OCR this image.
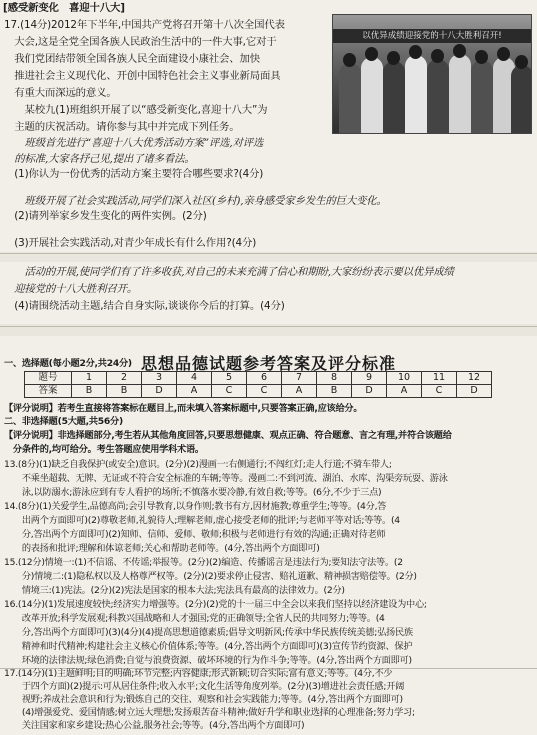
[感受新变化　喜迎十八大]
17.(14分)2012年下半年,中国共产党将召开第十八次全国代表
　大会,这是全党全国各族人民政治生活中的一件大事,它对于
　我们党团结带领全国各族人民全面建设小康社会、加快
　推进社会主义现代化、开创中国特色社会主义事业新局面具
　有重大而深远的意义。
　　某校九(1)班组织开展了以“感受新变化,喜迎十八大”为
　主题的庆祝活动。请你参与其中并完成下列任务。
　　班级首先进行“喜迎十八大优秀活动方案”评选,对评选
　的标准,大家各抒己见,提出了诸多看法。
　(1)你认为一份优秀的活动方案主要符合哪些要求?(4分)
　　班级开展了社会实践活动,同学们深入社区(乡村),亲身感受家乡发生的巨大变化。
　(2)请列举家乡发生变化的两件实例。(2分)
　(3)开展社会实践活动,对青少年成长有什么作用?(4分)
以优异成绩迎接党的十八大胜利召开!
　　活动的开展,使同学们有了许多收获,对自己的未来充满了信心和期盼,大家纷纷表示要以优异成绩
　迎接党的十八大胜利召开。
　(4)请围绕活动主题,结合自身实际,谈谈你今后的打算。(4分)
思想品德试题参考答案及评分标准
一、选择题(每小题2分,共24分)
题号	1	2	3	4	5	6	7	8	9	10	11	12
答案	B	B	D	A	C	C	A	B	D	A	C	D
【评分说明】若考生直接将答案标在题目上,而未填入答案标题中,只要答案正确,应该给分。
二、非选择题(5大题,共56分)
【评分说明】非选择题部分,考生若从其他角度回答,只要思想健康、观点正确、符合题意、言之有理,并符合该题给
　分条件的,均可给分。考生答题应使用学科术语。
13.(8分)(1)缺乏自我保护(或安全)意识。(2分)(2)漫画一:右侧通行;不闯红灯;走人行道;不骑车带人;
　　不乘坐超载、无牌、无证或不符合安全标准的车辆;等等。漫画二:不到河流、湖泊、水库、沟渠旁玩耍、游泳
　　泳,以防溺水;游泳应到有专人看护的场所;不慎落水要冷静,有效自救;等等。(6分,不少于三点)
14.(8分)(1)关爱学生,品德高尚;会引导教育,以身作则;教书有方,因材施教;尊重学生;等等。(4分,答
　　出两个方面即可)(2)尊敬老师,礼貌待人;理解老师,虚心接受老师的批评;与老师平等对话;等等。(4
　　分,答出两个方面即可)(2)知师、信师、爱师、敬师;积极与老师进行有效的沟通;正确对待老师
　　的表扬和批评;理解和体谅老师;关心和帮助老师等。(4分,答出两个方面即可)
15.(12分)情境一:(1)不信谣、不传谣;举报等。(2分)(2)编造、传播谣言是违法行为;要知法守法等。(2
　　分)情境二:(1)隐私权以及人格尊严权等。(2分)(2)要求停止侵害、赔礼道歉、精神损害赔偿等。(2分)
　　情境三:(1)宪法。(2分)(2)宪法是国家的根本大法;宪法具有最高的法律效力。(2分)
16.(14分)(1)发展速度较快;经济实力增强等。(2分)(2)党的十一届三中全会以来我们坚持以经济建设为中心;
　　改革开放;科学发展观;科教兴国战略和人才强国;党的正确领导;全省人民的共同努力;等等。(4
　　分,答出两个方面即可)(3)(4分)(4)提高思想道德素质;倡导文明新风;传承中华民族传统美德;弘扬民族
　　精神和时代精神;构建社会主义核心价值体系;等等。(4分,答出两个方面即可)(3)宣传节约资源、保护
　　环境的法律法规;绿色消费;自觉与浪费资源、破坏环境的行为作斗争;等等。(4分,答出两个方面即可)
17.(14分)(1)主题鲜明;目的明确;环节完整;内容健康;形式新颖;切合实际;富有意义;等等。(4分,不少
　　于四个方面)(2)提示:可从居住条件;收入水平;文化生活等角度列举。(2分)(3)增进社会责任感;开阔
　　视野;养成社会意识和行为;锻炼自己的交往、观察和社会实践能力;等等。(4分,答出两个方面即可)
　　(4)增强爱党、爱国情感;树立远大理想;发扬艰苦奋斗精神;做好升学和职业选择的心理准备;努力学习;
　　关注国家和家乡建设;热心公益,服务社会;等等。(4分,答出两个方面即可)
